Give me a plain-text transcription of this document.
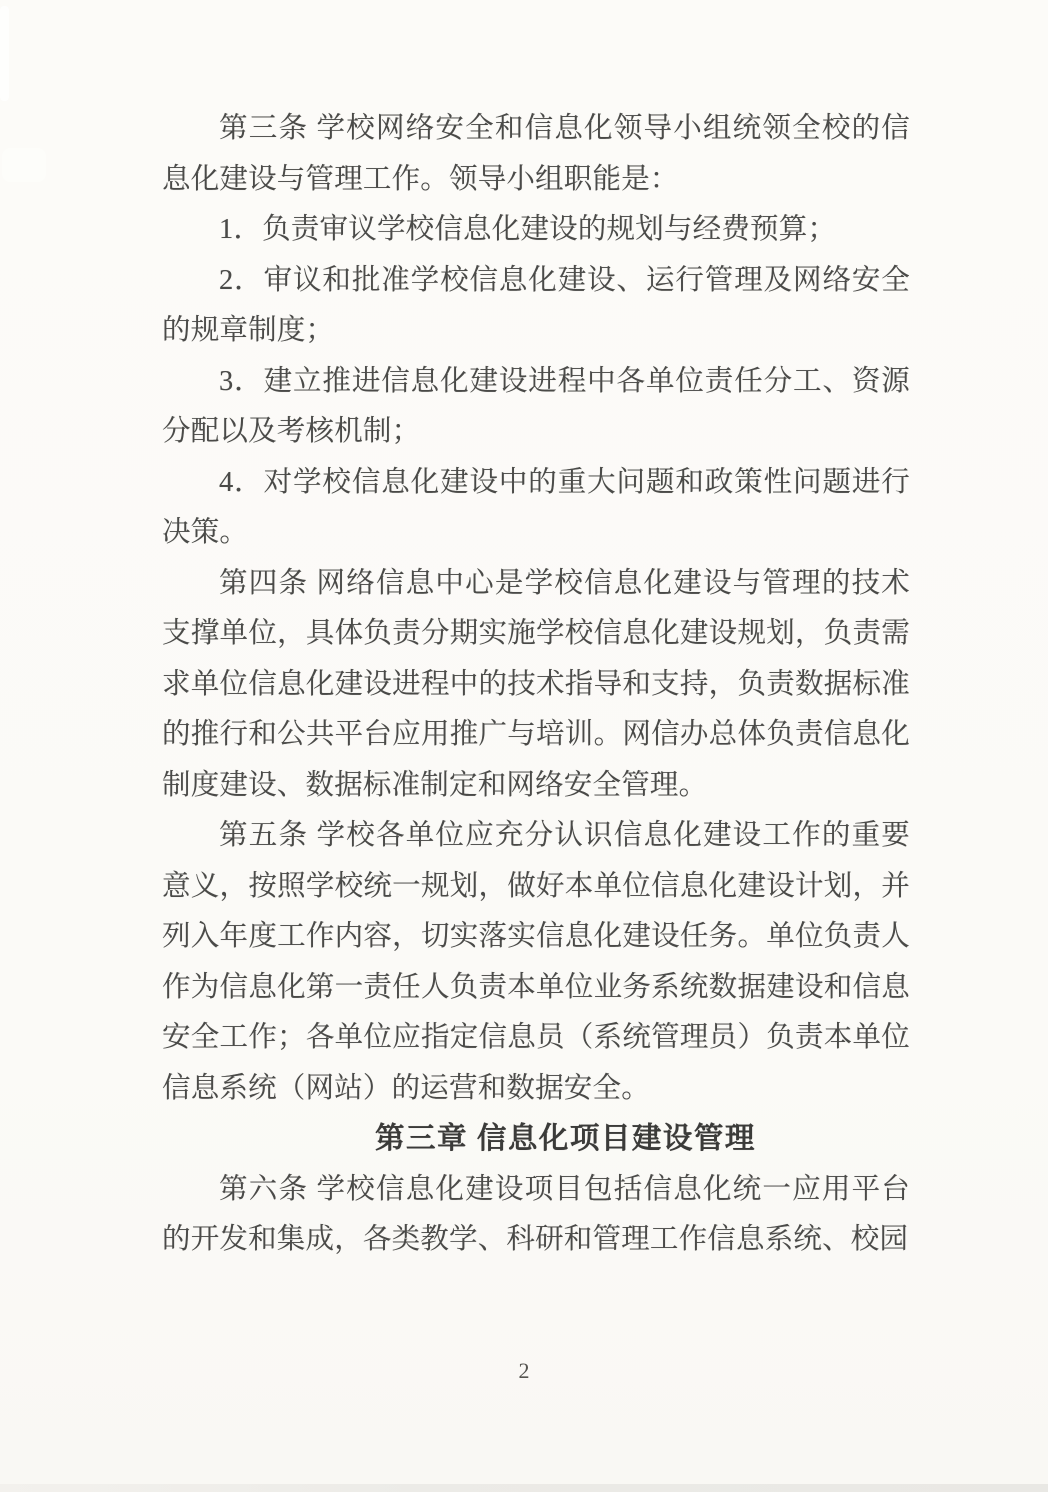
第三条 学校网络安全和信息化领导小组统领全校的信息化建设与管理工作。领导小组职能是：

1．负责审议学校信息化建设的规划与经费预算；

2．审议和批准学校信息化建设、运行管理及网络安全的规章制度；

3．建立推进信息化建设进程中各单位责任分工、资源分配以及考核机制；

4．对学校信息化建设中的重大问题和政策性问题进行决策。

第四条 网络信息中心是学校信息化建设与管理的技术支撑单位，具体负责分期实施学校信息化建设规划，负责需求单位信息化建设进程中的技术指导和支持，负责数据标准的推行和公共平台应用推广与培训。网信办总体负责信息化制度建设、数据标准制定和网络安全管理。

第五条 学校各单位应充分认识信息化建设工作的重要意义，按照学校统一规划，做好本单位信息化建设计划，并列入年度工作内容，切实落实信息化建设任务。单位负责人作为信息化第一责任人负责本单位业务系统数据建设和信息安全工作；各单位应指定信息员（系统管理员）负责本单位信息系统（网站）的运营和数据安全。

第三章 信息化项目建设管理

第六条 学校信息化建设项目包括信息化统一应用平台的开发和集成，各类教学、科研和管理工作信息系统、校园

2
